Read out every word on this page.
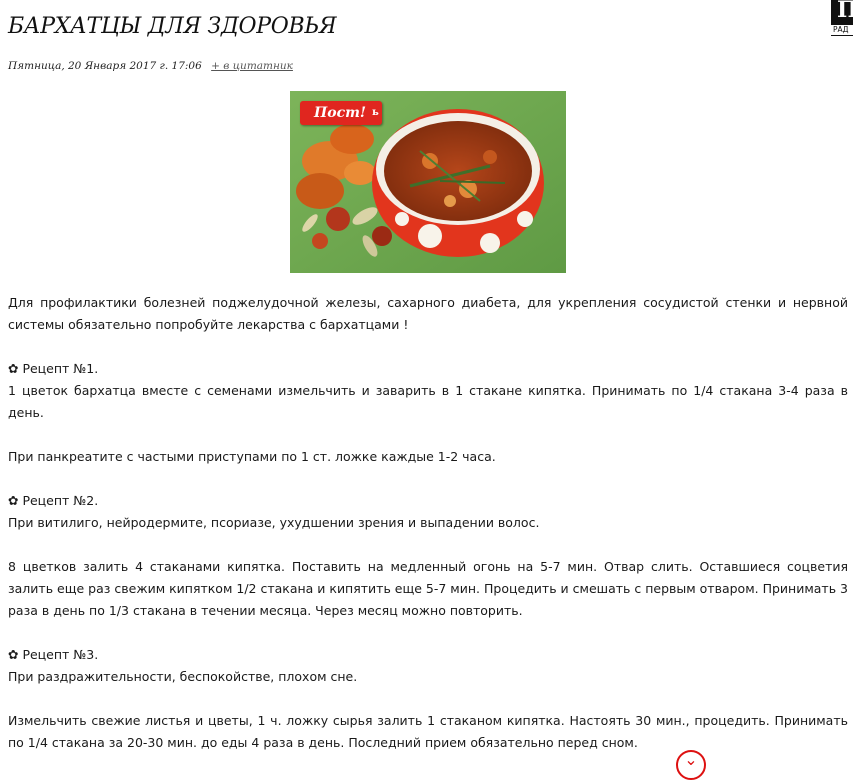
БАРХАТЦЫ ДЛЯ ЗДОРОВЬЯ
Пятница, 20 Января 2017 г. 17:06 + в цитатник
П
РАД
Пост! ь

Для профилактики болезней поджелудочной железы, сахарного диабета, для укрепления сосудистой стенки и нервной системы обязательно попробуйте лекарства с бархатцами !

✿ Рецепт №1.

1 цветок бархатца вместе с семенами измельчить и заварить в 1 стакане кипятка. Принимать по 1/4 стакана 3-4 раза в день.

При панкреатите с частыми приступами по 1 ст. ложке каждые 1-2 часа.

✿ Рецепт №2.

При витилиго, нейродермите, псориазе, ухудшении зрения и выпадении волос.

8 цветков залить 4 стаканами кипятка. Поставить на медленный огонь на 5-7 мин. Отвар слить. Оставшиеся соцветия залить еще раз свежим кипятком 1/2 стакана и кипятить еще 5-7 мин. Процедить и смешать с первым отваром. Принимать 3 раза в день по 1/3 стакана в течении месяца. Через месяц можно повторить.

✿ Рецепт №3.

При раздражительности, беспокойстве, плохом сне.

Измельчить свежие листья и цветы, 1 ч. ложку сырья залить 1 стаканом кипятка. Настоять 30 мин., процедить. Принимать по 1/4 стакана за 20-30 мин. до еды 4 раза в день. Последний прием обязательно перед сном.

⌄
